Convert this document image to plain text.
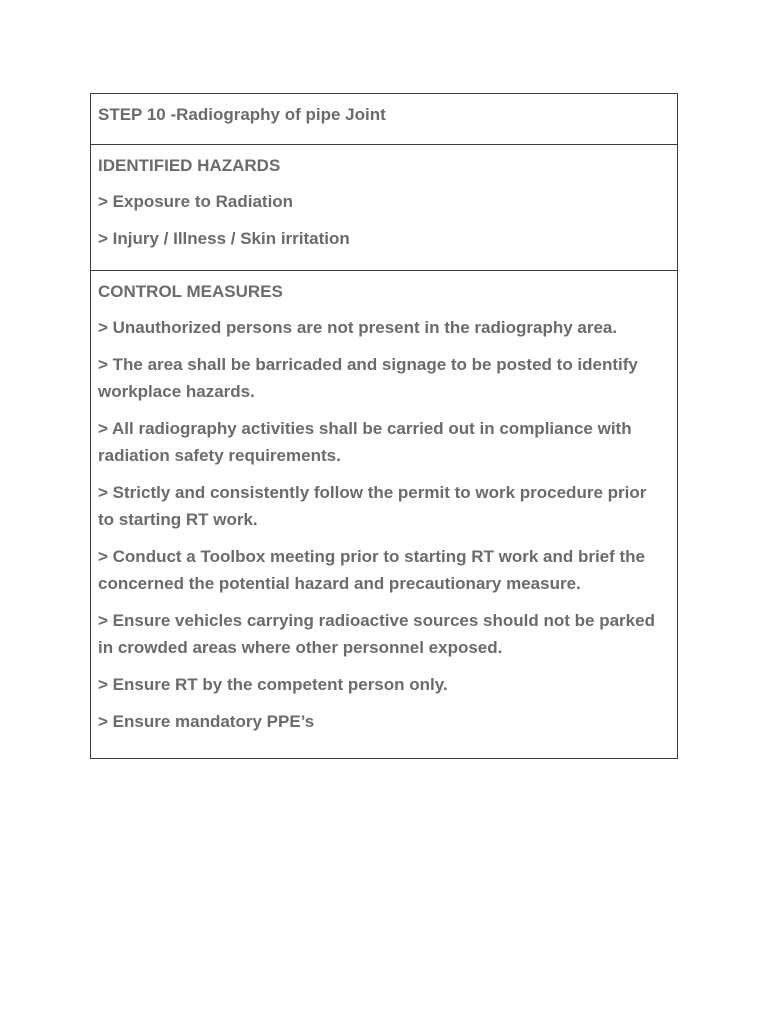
STEP 10 -Radiography of pipe Joint

IDENTIFIED HAZARDS
> Exposure to Radiation
> Injury / Illness / Skin irritation

CONTROL MEASURES
> Unauthorized persons are not present in the radiography area.
> The area shall be barricaded and signage to be posted to identify workplace hazards.
> All radiography activities shall be carried out in compliance with radiation safety requirements.
> Strictly and consistently follow the permit to work procedure prior to starting RT work.
> Conduct a Toolbox meeting prior to starting RT work and brief the concerned the potential hazard and precautionary measure.
> Ensure vehicles carrying radioactive sources should not be parked in crowded areas where other personnel exposed.
> Ensure RT by the competent person only.
> Ensure mandatory PPE’s
